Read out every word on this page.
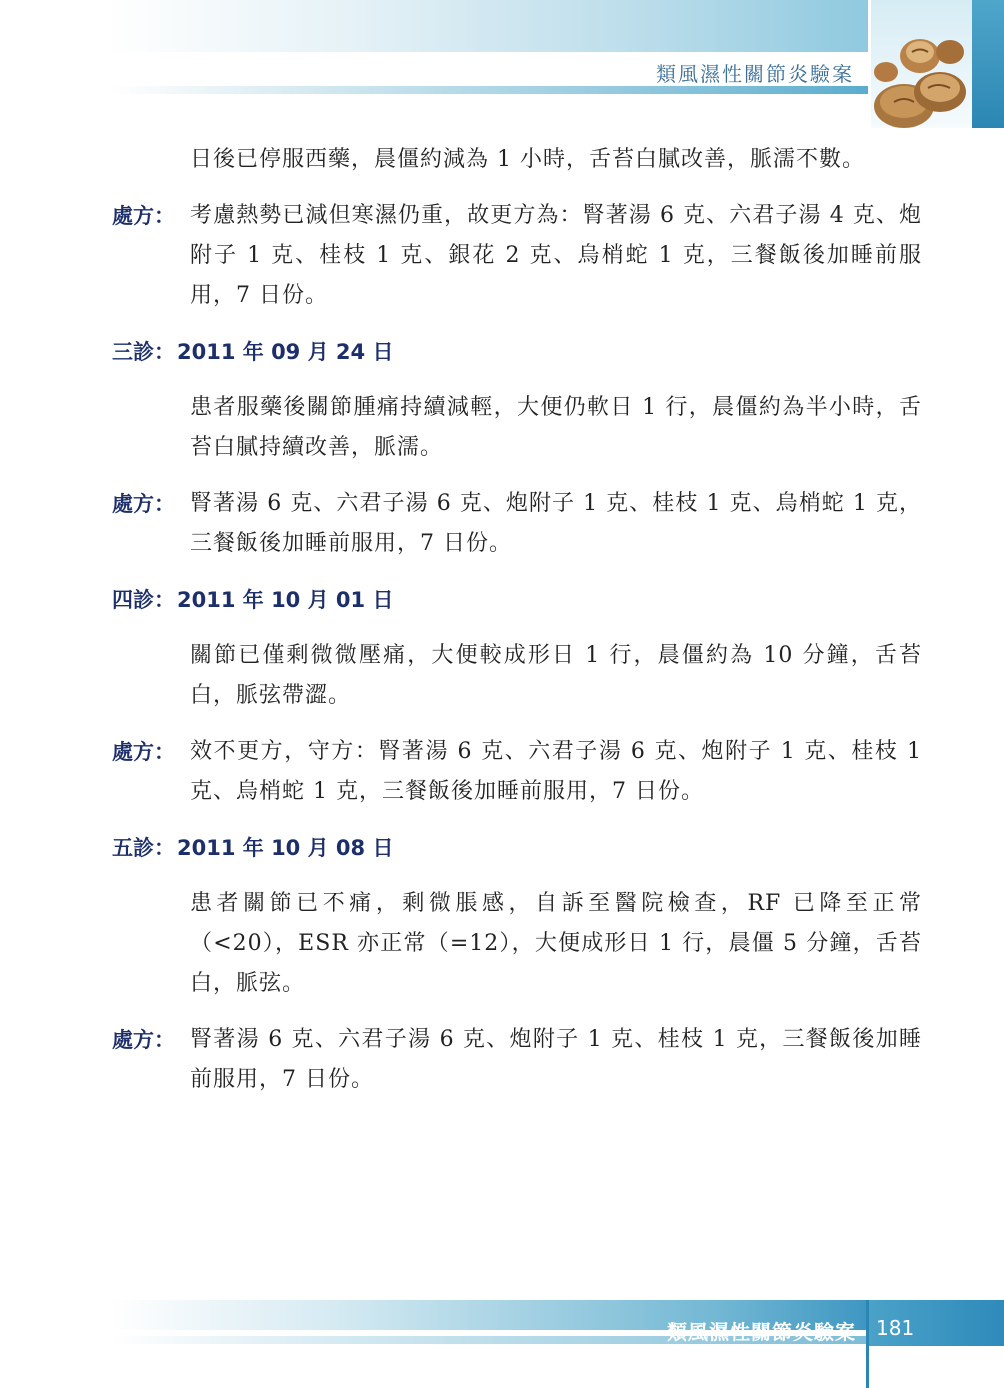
類風濕性關節炎驗案

日後已停服西藥，晨僵約減為 1 小時，舌苔白膩改善，脈濡不數。

處方： 考慮熱勢已減但寒濕仍重，故更方為：腎著湯 6 克、六君子湯 4 克、炮附子 1 克、桂枝 1 克、銀花 2 克、烏梢蛇 1 克，三餐飯後加睡前服用，7 日份。

三診：2011 年 09 月 24 日

患者服藥後關節腫痛持續減輕，大便仍軟日 1 行，晨僵約為半小時，舌苔白膩持續改善，脈濡。

處方： 腎著湯 6 克、六君子湯 6 克、炮附子 1 克、桂枝 1 克、烏梢蛇 1 克，三餐飯後加睡前服用，7 日份。

四診：2011 年 10 月 01 日

關節已僅剩微微壓痛，大便較成形日 1 行，晨僵約為 10 分鐘，舌苔白，脈弦帶澀。

處方： 效不更方，守方：腎著湯 6 克、六君子湯 6 克、炮附子 1 克、桂枝 1 克、烏梢蛇 1 克，三餐飯後加睡前服用，7 日份。

五診：2011 年 10 月 08 日

患者關節已不痛，剩微脹感，自訴至醫院檢查，RF 已降至正常（<20），ESR 亦正常（=12），大便成形日 1 行，晨僵 5 分鐘，舌苔白，脈弦。

處方： 腎著湯 6 克、六君子湯 6 克、炮附子 1 克、桂枝 1 克，三餐飯後加睡前服用，7 日份。

類風濕性關節炎驗案 181
